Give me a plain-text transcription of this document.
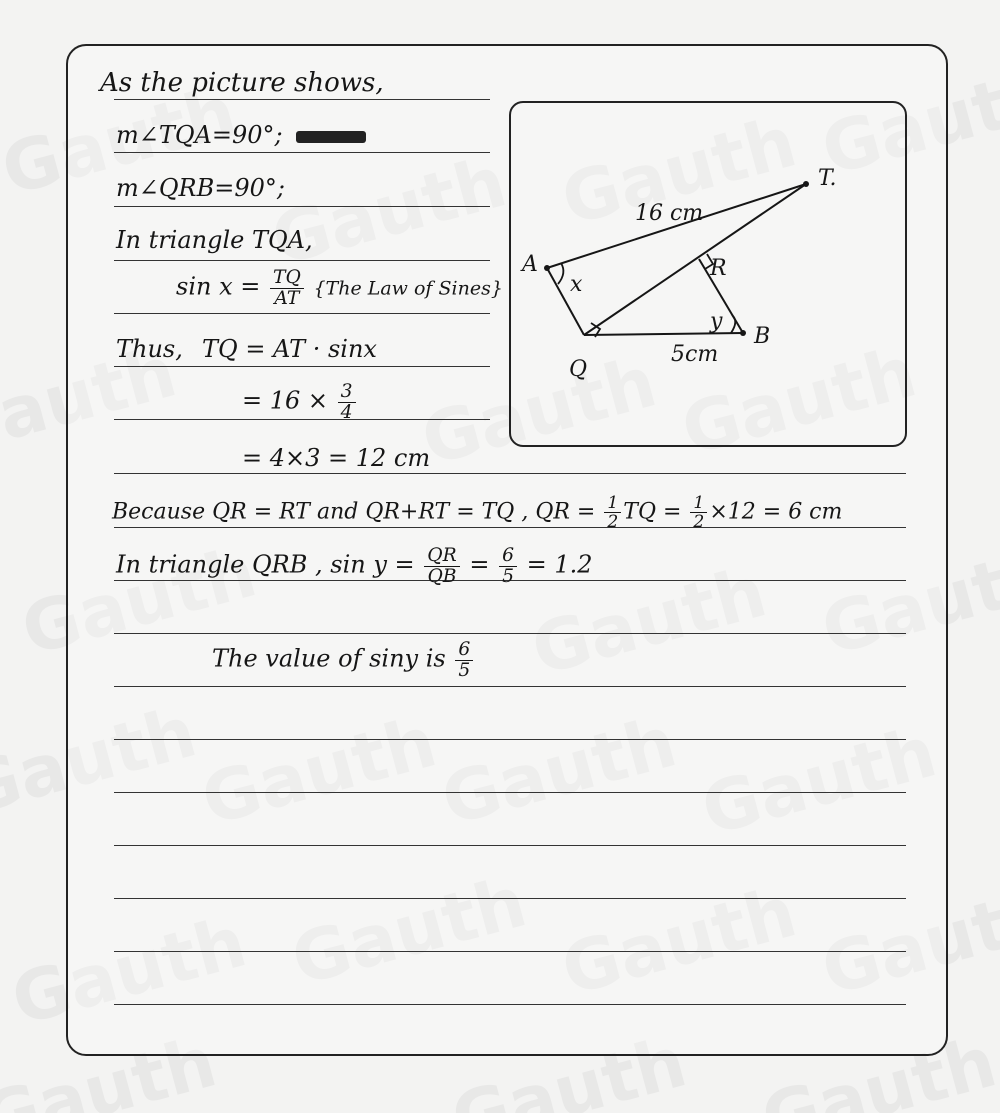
As the picture shows,
m∠TQA=90°;
m∠QRB=90°;
In triangle TQA,
$\sin x = \frac{TQ}{AT} \{The$ Law of Sines}
Thus, TQ = AT · sinx
= $16 \times \frac{3}{4}$
= 4×3 = 12 cm
Because QR = RT and QR+RT = TQ , QR = $\frac{1}{2}$ TQ = $\frac{1}{2} \times 12 = 6$ cm
In triangle QRB , $\sin y = \frac{QR}{QB} = \frac{6}{5} = 1.2$
The value of siny is $\frac{6}{5}$
T.
A	R
B
Q
x
y
16 cm
5cm
